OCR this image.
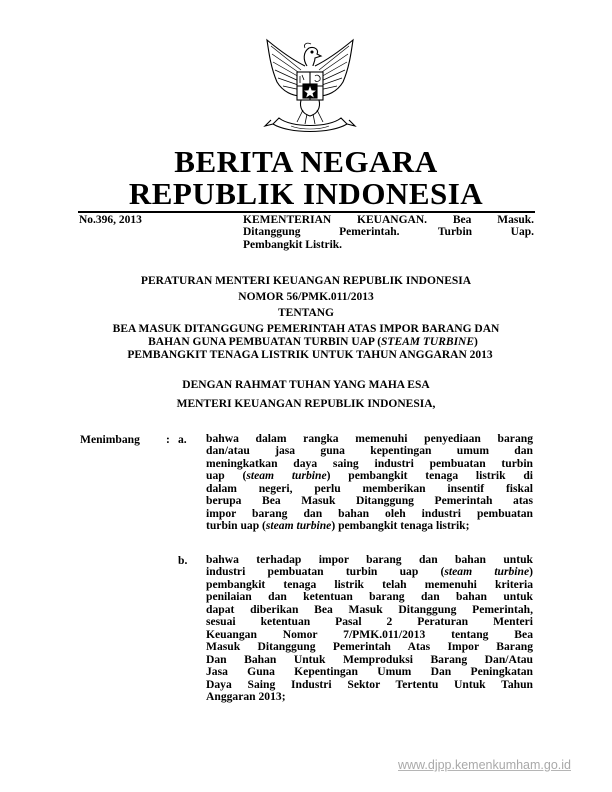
BERITA NEGARA
REPUBLIK INDONESIA
No.396, 2013	KEMENTERIAN KEUANGAN. Bea Masuk.
Ditanggung Pemerintah. Turbin Uap.
Pembangkit Listrik.
PERATURAN MENTERI KEUANGAN REPUBLIK INDONESIA
NOMOR 56/PMK.011/2013
TENTANG
BEA MASUK DITANGGUNG PEMERINTAH ATAS IMPOR BARANG DAN
BAHAN GUNA PEMBUATAN TURBIN UAP (STEAM TURBINE)
PEMBANGKIT TENAGA LISTRIK UNTUK TAHUN ANGGARAN 2013
DENGAN RAHMAT TUHAN YANG MAHA ESA
MENTERI KEUANGAN REPUBLIK INDONESIA,
Menimbang : a. bahwa dalam rangka memenuhi penyediaan barang
dan/atau jasa guna kepentingan umum dan
meningkatkan daya saing industri pembuatan turbin
uap (steam turbine) pembangkit tenaga listrik di
dalam negeri, perlu memberikan insentif fiskal
berupa Bea Masuk Ditanggung Pemerintah atas
impor barang dan bahan oleh industri pembuatan
turbin uap (steam turbine) pembangkit tenaga listrik;
b. bahwa terhadap impor barang dan bahan untuk
industri pembuatan turbin uap (steam turbine)
pembangkit tenaga listrik telah memenuhi kriteria
penilaian dan ketentuan barang dan bahan untuk
dapat diberikan Bea Masuk Ditanggung Pemerintah,
sesuai ketentuan Pasal 2 Peraturan Menteri
Keuangan Nomor 7/PMK.011/2013 tentang Bea
Masuk Ditanggung Pemerintah Atas Impor Barang
Dan Bahan Untuk Memproduksi Barang Dan/Atau
Jasa Guna Kepentingan Umum Dan Peningkatan
Daya Saing Industri Sektor Tertentu Untuk Tahun
Anggaran 2013;
www.djpp.kemenkumham.go.id
